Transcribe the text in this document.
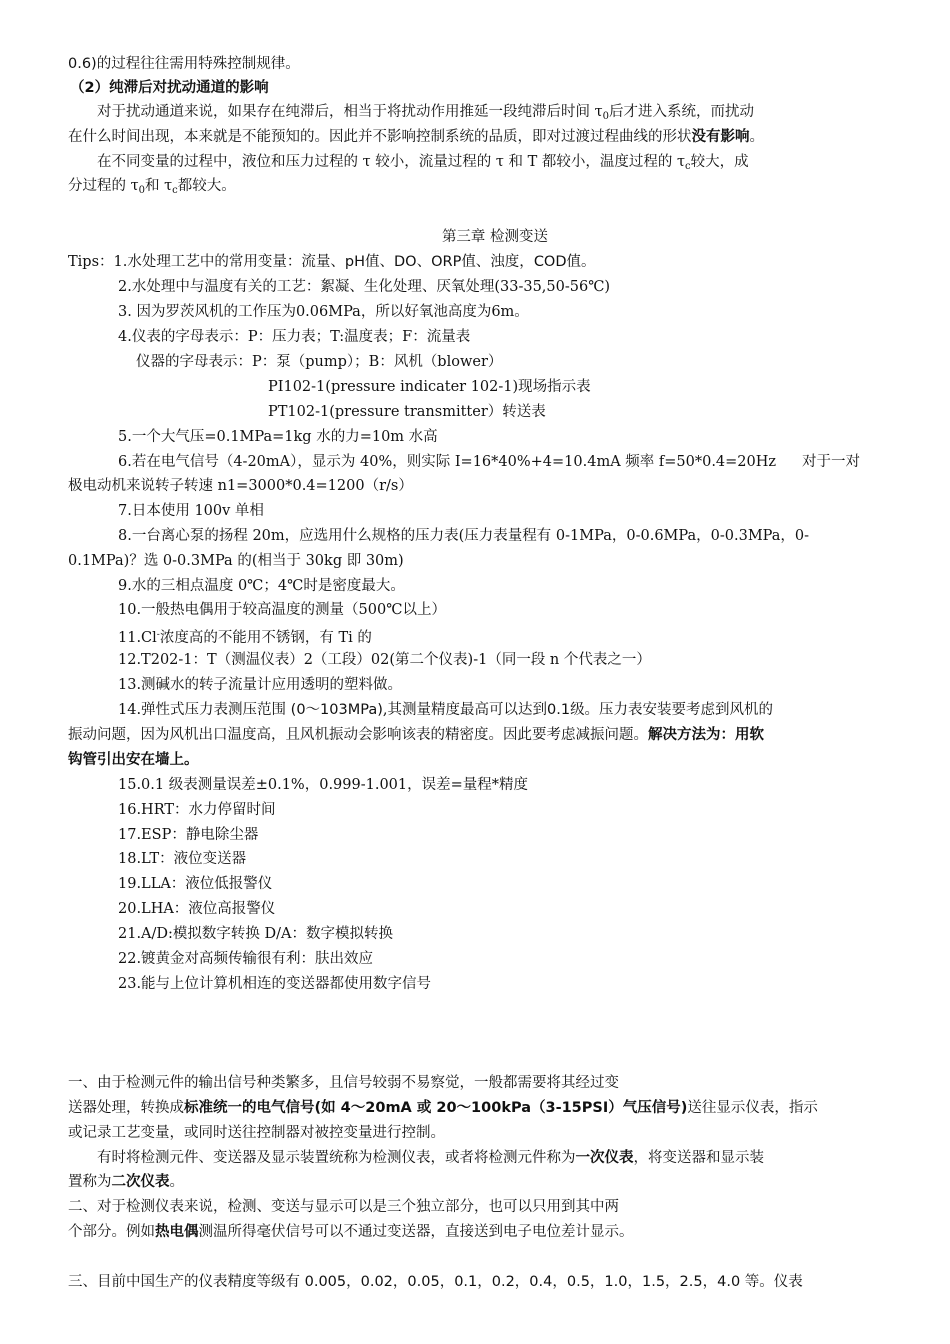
0.6)的过程往往需用特殊控制规律。
（2）纯滞后对扰动通道的影响
对于扰动通道来说，如果存在纯滞后，相当于将扰动作用推延一段纯滞后时间 $\tau_0$后才进入系统，而扰动
在什么时间出现，本来就是不能预知的。因此并不影响控制系统的品质，即对过渡过程曲线的形状没有影响。
在不同变量的过程中，液位和压力过程的 τ 较小，流量过程的 τ 和 T 都较小，温度过程的 $\tau_c$较大，成
分过程的 $\tau_0$和 $\tau_c$都较大。
第三章 检测变送
Tips：1.水处理工艺中的常用变量：流量、pH值、DO、ORP值、浊度，COD值。
2.水处理中与温度有关的工艺：絮凝、生化处理、厌氧处理(33-35,50-56℃)
3. 因为罗茨风机的工作压为0.06MPa，所以好氧池高度为6m。
4.仪表的字母表示：P：压力表；T:温度表；F：流量表
仪器的字母表示：P：泵（pump）；B：风机（blower）
PI102-1(pressure indicater 102-1)现场指示表
PT102-1(pressure transmitter）转送表
5.一个大气压=0.1MPa=1kg 水的力=10m 水高
6.若在电气信号（4-20mA），显示为 40%，则实际 I=16*40%+4=10.4mA 频率 f=50*0.4=20Hz 对于一对
极电动机来说转子转速 n1=3000*0.4=1200（r/s）
7.日本使用 100v 单相
8.一台离心泵的扬程 20m，应选用什么规格的压力表(压力表量程有 0-1MPa，0-0.6MPa，0-0.3MPa，0-
0.1MPa)？选 0-0.3MPa 的(相当于 30kg 即 30m)
9.水的三相点温度 0℃；4℃时是密度最大。
10.一般热电偶用于较高温度的测量（500℃以上）
11.Cl-浓度高的不能用不锈钢，有 Ti 的
12.T202-1：T（测温仪表）2（工段）02(第二个仪表)-1（同一段 n 个代表之一）
13.测碱水的转子流量计应用透明的塑料做。
14.弹性式压力表测压范围 (0～103MPa),其测量精度最高可以达到0.1级。压力表安装要考虑到风机的
振动问题，因为风机出口温度高，且风机振动会影响该表的精密度。因此要考虑减振问题。解决方法为：用软
钩管引出安在墙上。
15.0.1 级表测量误差±0.1%，0.999-1.001，误差=量程*精度
16.HRT：水力停留时间
17.ESP：静电除尘器
18.LT：液位变送器
19.LLA：液位低报警仪
20.LHA：液位高报警仪
21.A/D:模拟数字转换 D/A：数字模拟转换
22.镀黄金对高频传输很有利：肤出效应
23.能与上位计算机相连的变送器都使用数字信号
一、由于检测元件的输出信号种类繁多，且信号较弱不易察觉，一般都需要将其经过变
送器处理，转换成标准统一的电气信号(如 4～20mA 或 20～100kPa（3-15PSI）气压信号)送往显示仪表，指示
或记录工艺变量，或同时送往控制器对被控变量进行控制。
有时将检测元件、变送器及显示装置统称为检测仪表，或者将检测元件称为一次仪表，将变送器和显示装
置称为二次仪表。
二、对于检测仪表来说，检测、变送与显示可以是三个独立部分，也可以只用到其中两
个部分。例如热电偶测温所得毫伏信号可以不通过变送器，直接送到电子电位差计显示。
三、目前中国生产的仪表精度等级有 0.005，0.02，0.05，0.1，0.2，0.4，0.5，1.0，1.5，2.5，4.0 等。仪表
